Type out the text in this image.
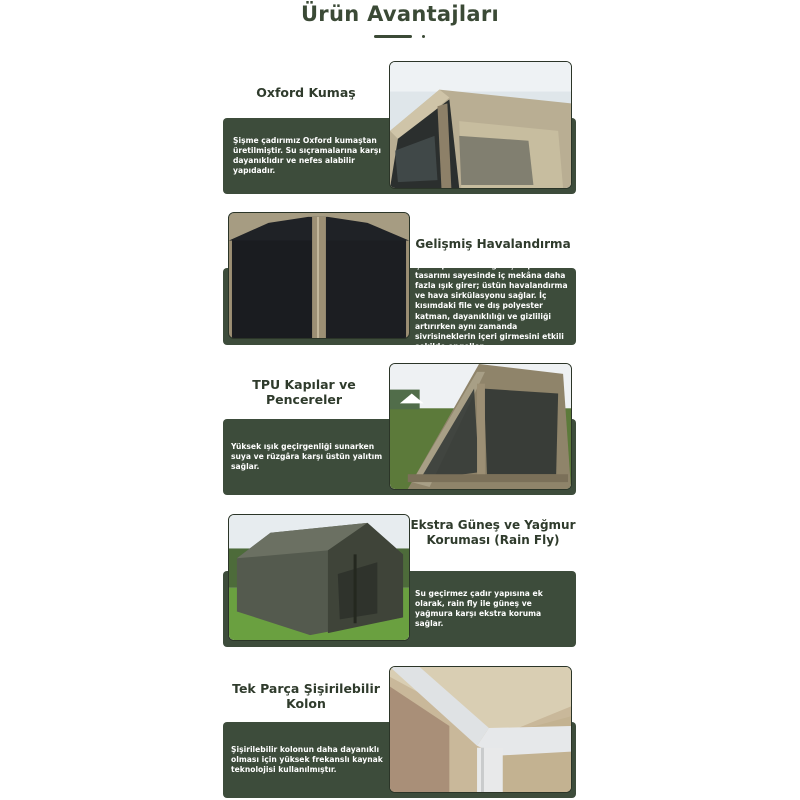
Ürün Avantajları
Oxford Kumaş
Şişme çadırımız Oxford kumaştan üretilmiştir. Su sıçramalarına karşı dayanıklıdır ve nefes alabilir yapıdadır.
Gelişmiş Havalandırma
Çoklu pencere ve geniş kapı tasarımı sayesinde iç mekâna daha fazla ışık girer; üstün havalandırma ve hava sirkülasyonu sağlar. İç kısımdaki file ve dış polyester katman, dayanıklılığı ve gizliliği artırırken aynı zamanda sivrisineklerin içeri girmesini etkili şekilde engeller.
TPU Kapılar ve Pencereler
Yüksek ışık geçirgenliği sunarken suya ve rüzgâra karşı üstün yalıtım sağlar.
Ekstra Güneş ve Yağmur Koruması (Rain Fly)
Su geçirmez çadır yapısına ek olarak, rain fly ile güneş ve yağmura karşı ekstra koruma sağlar.
Tek Parça Şişirilebilir Kolon
Şişirilebilir kolonun daha dayanıklı olması için yüksek frekanslı kaynak teknolojisi kullanılmıştır.
